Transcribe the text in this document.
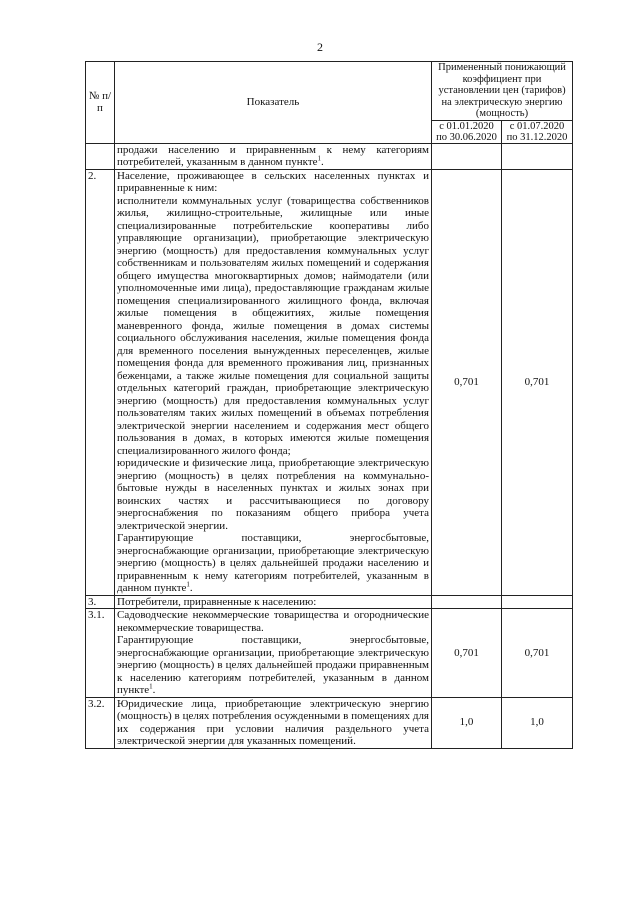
2
№ п/п	Показатель	Примененный понижающий коэффициент при установлении цен (тарифов) на электрическую энергию (мощность)	
		с 01.01.2020 по 30.06.2020	с 01.07.2020 по 31.12.2020
	продажи населению и приравненным к нему категориям потребителей, указанным в данном пункте$^1$.		
2.	Население, проживающее в сельских населенных пунктах и приравненные к ним:
исполнители коммунальных услуг (товарищества собственников жилья, жилищно-строительные, жилищные или иные специализированные потребительские кооперативы либо управляющие организации), приобретающие электрическую энергию (мощность) для предоставления коммунальных услуг собственникам и пользователям жилых помещений и содержания общего имущества многоквартирных домов; наймодатели (или уполномоченные ими лица), предоставляющие гражданам жилые помещения специализированного жилищного фонда, включая жилые помещения в общежитиях, жилые помещения маневренного фонда, жилые помещения в домах системы социального обслуживания населения, жилые помещения фонда для временного поселения вынужденных переселенцев, жилые помещения фонда для временного проживания лиц, признанных беженцами, а также жилые помещения для социальной защиты отдельных категорий граждан, приобретающие электрическую энергию (мощность) для предоставления коммунальных услуг пользователям таких жилых помещений в объемах потребления электрической энергии населением и содержания мест общего пользования в домах, в которых имеются жилые помещения специализированного жилого фонда;
юридические и физические лица, приобретающие электрическую энергию (мощность) в целях потребления на коммунально-бытовые нужды в населенных пунктах и жилых зонах при воинских частях и рассчитывающиеся по договору энергоснабжения по показаниям общего прибора учета электрической энергии.
Гарантирующие поставщики, энергосбытовые, энергоснабжающие организации, приобретающие электрическую энергию (мощность) в целях дальнейшей продажи населению и приравненным к нему категориям потребителей, указанным в данном пункте$^1$.	0,701	0,701
3.	Потребители, приравненные к населению:		
3.1.	Садоводческие некоммерческие товарищества и огороднические некоммерческие товарищества.
Гарантирующие поставщики, энергосбытовые, энергоснабжающие организации, приобретающие электрическую энергию (мощность) в целях дальнейшей продажи приравненным к населению категориям потребителей, указанным в данном пункте$^1$.	0,701	0,701
3.2.	Юридические лица, приобретающие электрическую энергию (мощность) в целях потребления осужденными в помещениях для их содержания при условии наличия раздельного учета электрической энергии для указанных помещений.	1,0	1,0
